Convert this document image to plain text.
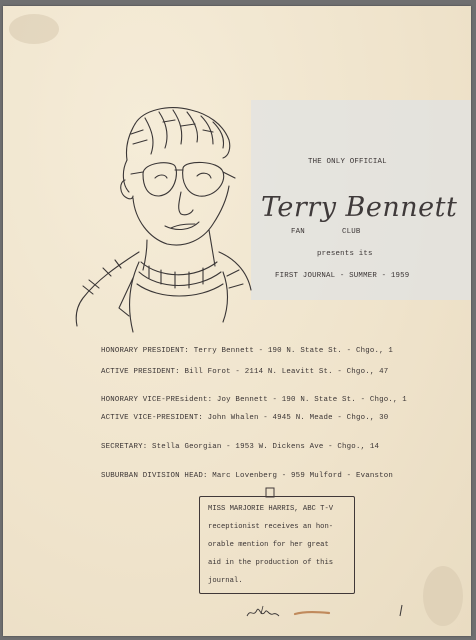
THE ONLY OFFICIAL
Terry Bennett
FAN	CLUB
presents its
FIRST JOURNAL - SUMMER - 1959
HONORARY PRESIDENT: Terry Bennett - 190 N. State St. - Chgo., 1
ACTIVE PRESIDENT: Bill Forot - 2114 N. Leavitt St. - Chgo., 47
HONORARY VICE-PREsident: Joy Bennett - 190 N. State St. - Chgo., 1
ACTIVE VICE-PRESIDENT: John Whalen - 4945 N. Meade - Chgo., 30
SECRETARY: Stella Georgian - 1953 W. Dickens Ave - Chgo., 14
SUBURBAN DIVISION HEAD: Marc Lovenberg - 959 Mulford - Evanston
MISS MARJORIE HARRIS, ABC T-V
receptionist receives an hon-
orable mention for her great
aid in the production of this
journal.
